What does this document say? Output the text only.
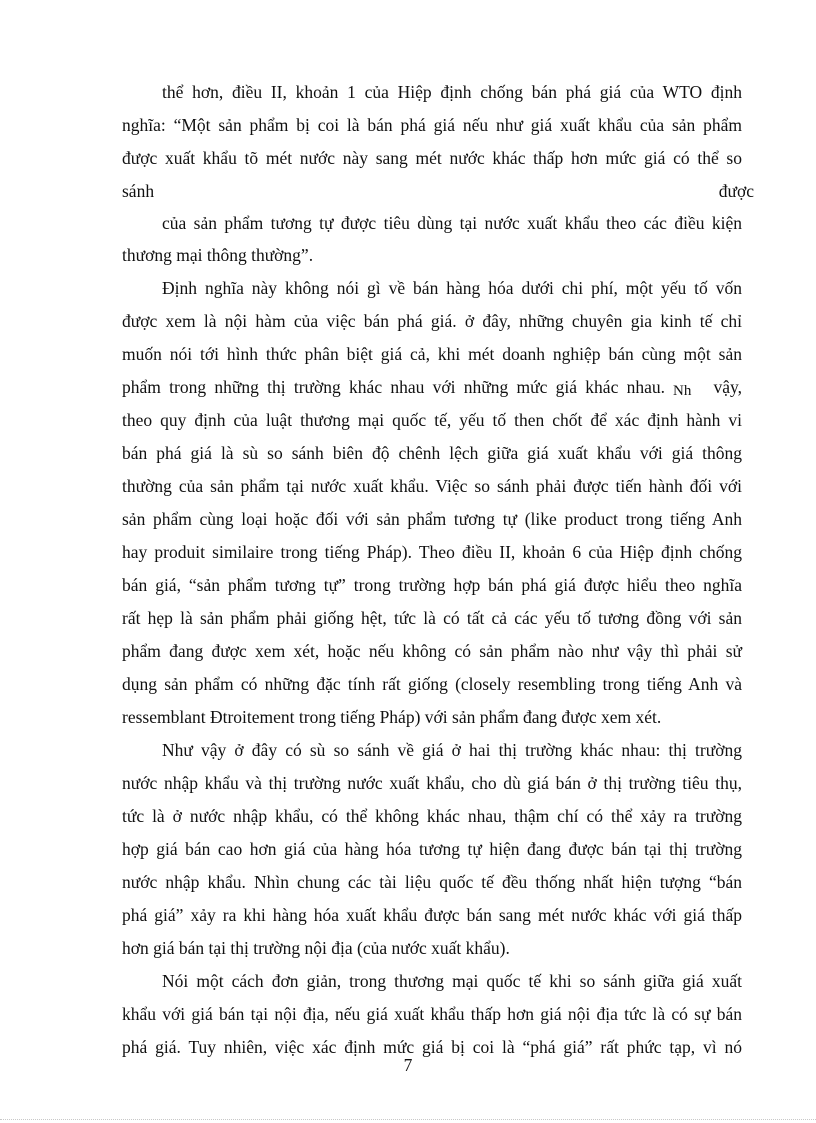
thể hơn, điều II, khoản 1 của Hiệp định chống bán phá giá của WTO định
nghĩa: “Một sản phẩm bị coi là bán phá giá nếu như giá xuất khẩu của sản phẩm
được xuất khẩu tõ mét nước này sang mét nước khác thấp hơn mức giá có thể so
sánh	được
của sản phẩm tương tự được tiêu dùng tại nước xuất khẩu theo các điều kiện
thương mại thông thường”.
Định nghĩa này không nói gì về bán hàng hóa dưới chi phí, một yếu tố vốn
được xem là nội hàm của việc bán phá giá. ở đây, những chuyên gia kinh tế chỉ
muốn nói tới hình thức phân biệt giá cả, khi mét doanh nghiệp bán cùng một sản
phẩm trong những thị trường khác nhau với những mức giá khác nhau. Nh vậy,
theo quy định của luật thương mại quốc tế, yếu tố then chốt để xác định hành vi
bán phá giá là sù so sánh biên độ chênh lệch giữa giá xuất khẩu với giá thông
thường của sản phẩm tại nước xuất khẩu. Việc so sánh phải được tiến hành đối với
sản phẩm cùng loại hoặc đối với sản phẩm tương tự (like product trong tiếng Anh
hay produit similaire trong tiếng Pháp). Theo điều II, khoản 6 của Hiệp định chống
bán giá, “sản phẩm tương tự” trong trường hợp bán phá giá được hiểu theo nghĩa
rất hẹp là sản phẩm phải giống hệt, tức là có tất cả các yếu tố tương đồng với sản
phẩm đang được xem xét, hoặc nếu không có sản phẩm nào như vậy thì phải sử
dụng sản phẩm có những đặc tính rất giống (closely resembling trong tiếng Anh và
ressemblant Đtroitement trong tiếng Pháp) với sản phẩm đang được xem xét.
Như vậy ở đây có sù so sánh về giá ở hai thị trường khác nhau: thị trường
nước nhập khẩu và thị trường nước xuất khẩu, cho dù giá bán ở thị trường tiêu thụ,
tức là ở nước nhập khẩu, có thể không khác nhau, thậm chí có thể xảy ra trường
hợp giá bán cao hơn giá của hàng hóa tương tự hiện đang được bán tại thị trường
nước nhập khẩu. Nhìn chung các tài liệu quốc tế đều thống nhất hiện tượng “bán
phá giá” xảy ra khi hàng hóa xuất khẩu được bán sang mét nước khác với giá thấp
hơn giá bán tại thị trường nội địa (của nước xuất khẩu).
Nói một cách đơn giản, trong thương mại quốc tế khi so sánh giữa giá xuất
khẩu với giá bán tại nội địa, nếu giá xuất khẩu thấp hơn giá nội địa tức là có sự bán
phá giá. Tuy nhiên, việc xác định mức giá bị coi là “phá giá” rất phức tạp, vì nó
7
